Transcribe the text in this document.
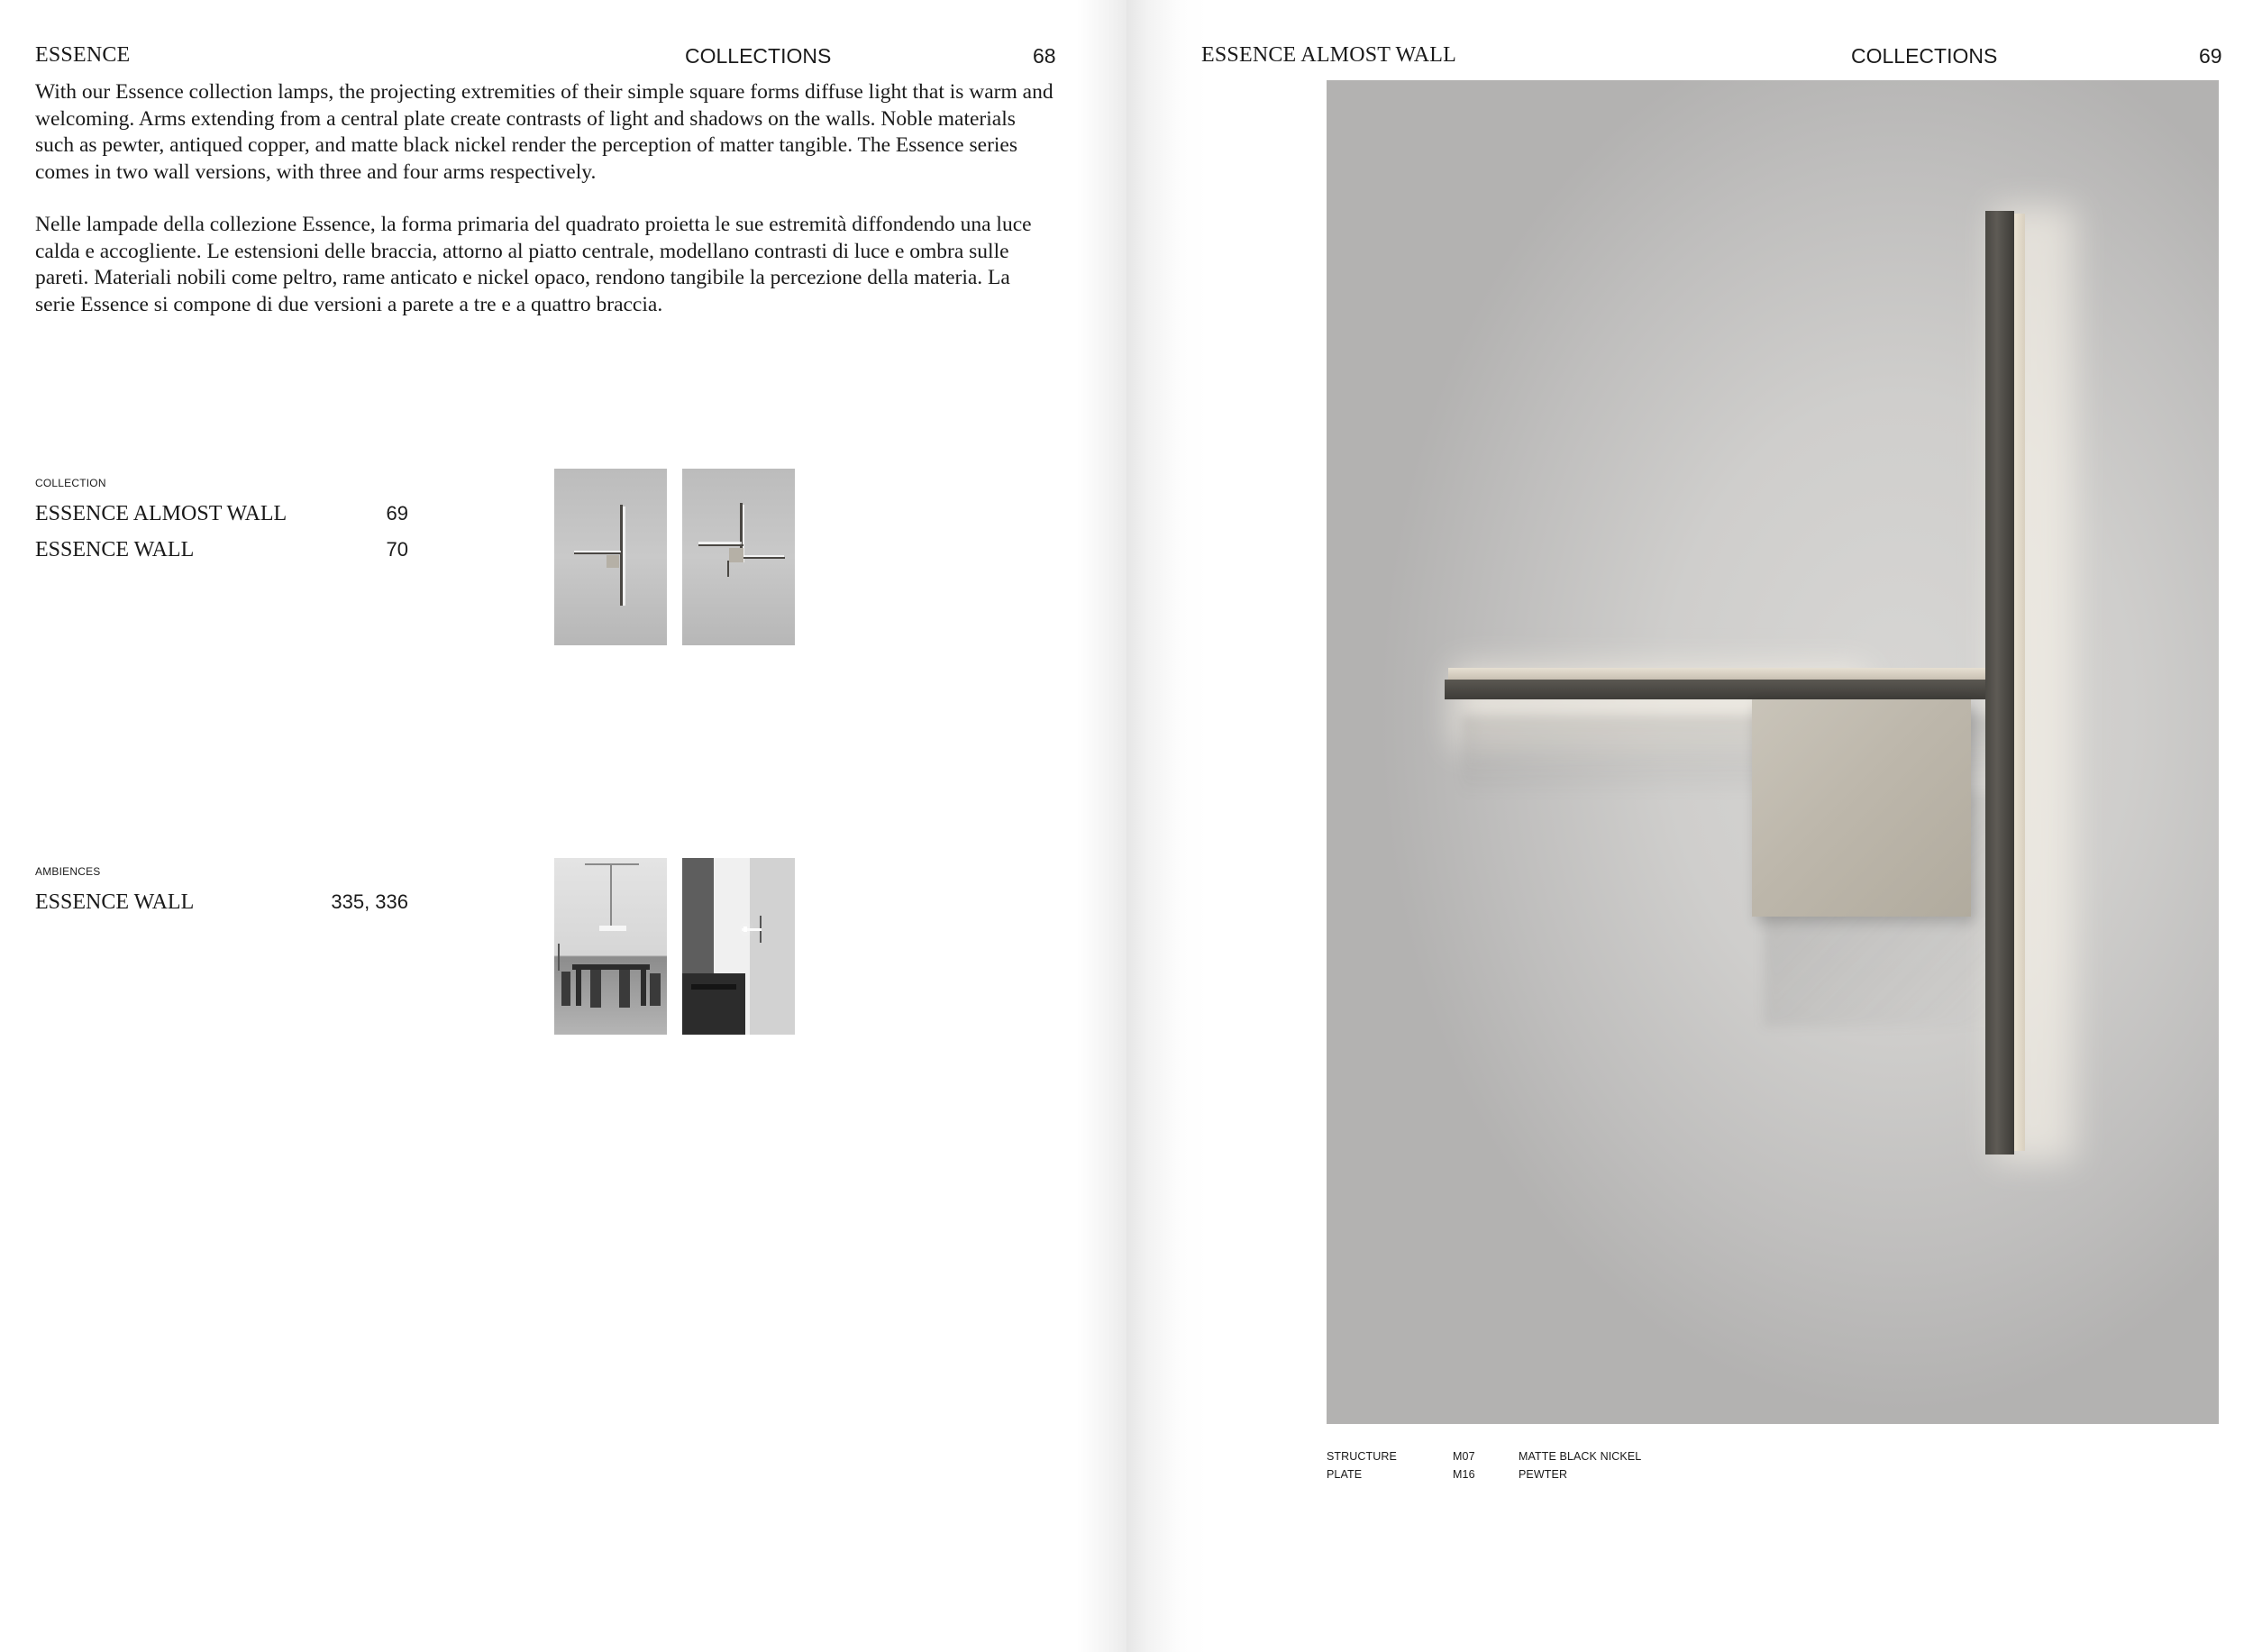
ESSENCE	COLLECTIONS	68

With our Essence collection lamps, the projecting extremities of their simple square forms diffuse light that is warm and welcoming. Arms extending from a central plate create contrasts of light and shadows on the walls. Noble materials such as pewter, antiqued copper, and matte black nickel render the perception of matter tangible. The Essence series comes in two wall versions, with three and four arms respectively.

Nelle lampade della collezione Essence, la forma primaria del quadrato proietta le sue estremità diffondendo una luce calda e accogliente. Le estensioni delle braccia, attorno al piatto centrale, modellano contrasti di luce e ombra sulle pareti. Materiali nobili come peltro, rame anticato e nickel opaco, rendono tangibile la percezione della materia. La serie Essence si compone di due versioni a parete a tre e a quattro braccia.

COLLECTION
ESSENCE ALMOST WALL	69
ESSENCE WALL	70
AMBIENCES
ESSENCE WALL	335, 336
ESSENCE ALMOST WALL	COLLECTIONS	69
STRUCTURE	M07	MATTE BLACK NICKEL
PLATE	M16	PEWTER
